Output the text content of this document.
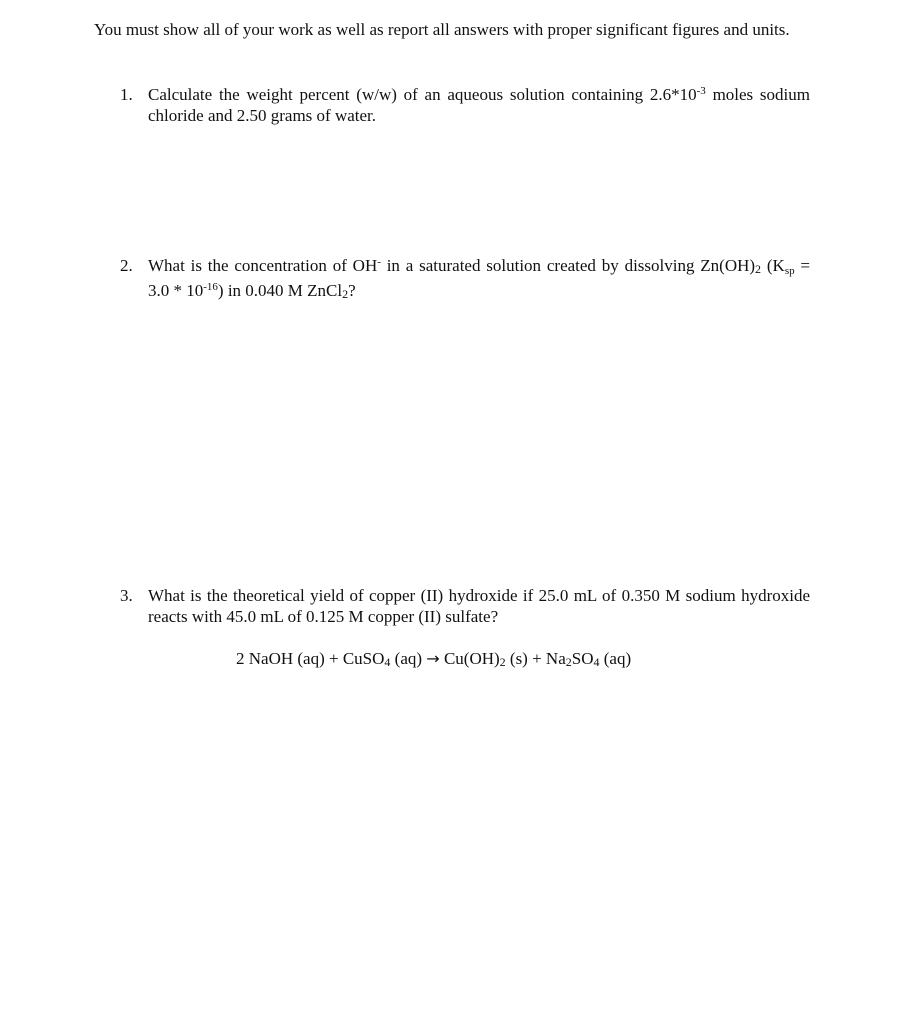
You must show all of your work as well as report all answers with proper significant figures and units.
1. Calculate the weight percent (w/w) of an aqueous solution containing $2.6*10^{-3}$ moles sodium chloride and 2.50 grams of water.
2. What is the concentration of OH- in a saturated solution created by dissolving Zn(OH)2 $(K_{sp} = 3.0 * 10^{-16})$ in 0.040 M ZnCl2?
3. What is the theoretical yield of copper (II) hydroxide if 25.0 mL of 0.350 M sodium hydroxide reacts with 45.0 mL of 0.125 M copper (II) sulfate?
2 NaOH (aq) + CuSO4 (aq) → Cu(OH)2 (s) + Na2SO4 (aq)
